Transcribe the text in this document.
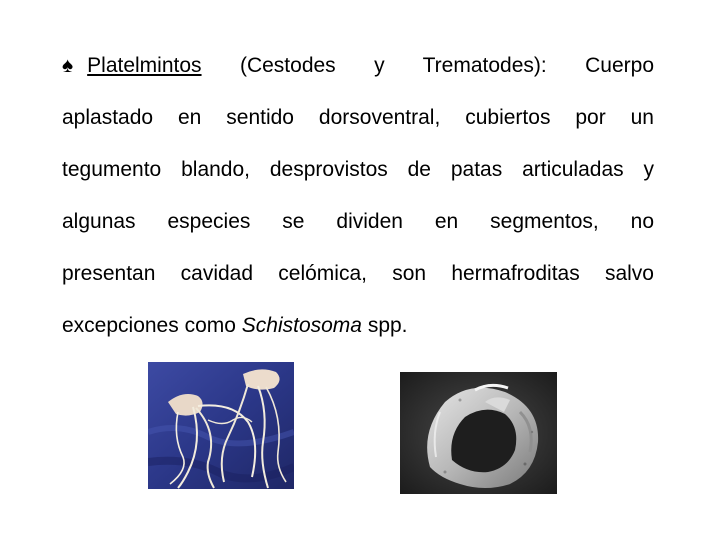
♠ Platelmintos (Cestodes y Trematodes): Cuerpo
aplastado en sentido dorsoventral, cubiertos por un
tegumento blando, desprovistos de patas articuladas y
algunas especies se dividen en segmentos, no
presentan cavidad celómica, son hermafroditas salvo
excepciones como Schistosoma spp.
